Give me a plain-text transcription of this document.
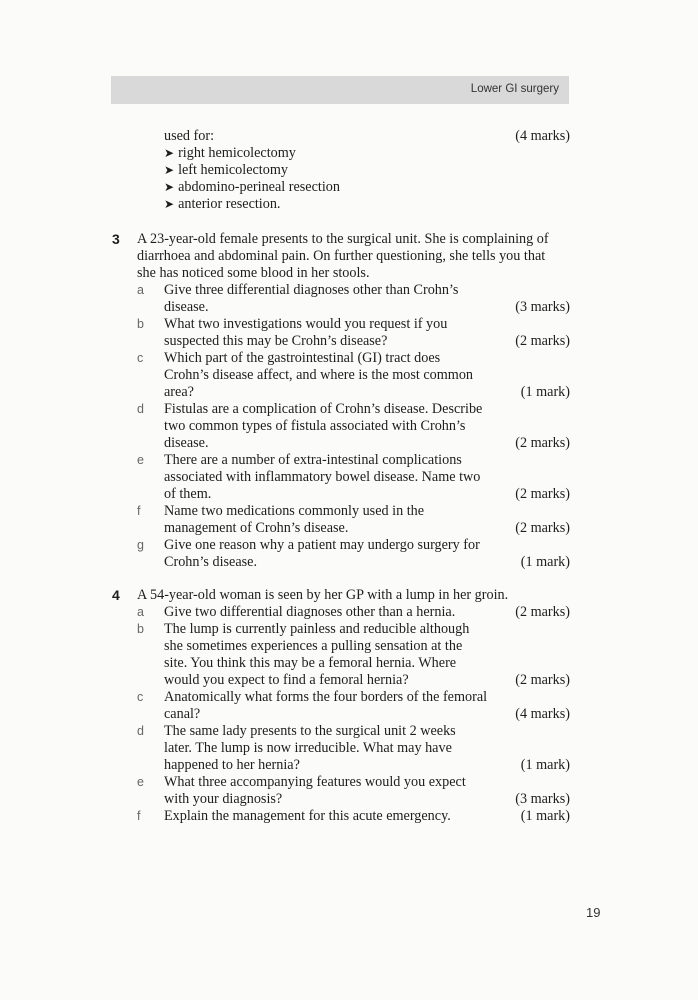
Lower GI surgery
used for:	(4 marks)
➤ right hemicolectomy
➤ left hemicolectomy
➤ abdomino-perineal resection
➤ anterior resection.
3 A 23-year-old female presents to the surgical unit. She is complaining of
diarrhoea and abdominal pain. On further questioning, she tells you that
she has noticed some blood in her stools.
a Give three differential diagnoses other than Crohn’s
disease.	(3 marks)
b What two investigations would you request if you
suspected this may be Crohn’s disease?	(2 marks)
c Which part of the gastrointestinal (GI) tract does
Crohn’s disease affect, and where is the most common
area?	(1 mark)
d Fistulas are a complication of Crohn’s disease. Describe
two common types of fistula associated with Crohn’s
disease.	(2 marks)
e There are a number of extra-intestinal complications
associated with inflammatory bowel disease. Name two
of them.	(2 marks)
f Name two medications commonly used in the
management of Crohn’s disease.	(2 marks)
g Give one reason why a patient may undergo surgery for
Crohn’s disease.	(1 mark)
4 A 54-year-old woman is seen by her GP with a lump in her groin.
a Give two differential diagnoses other than a hernia.	(2 marks)
b The lump is currently painless and reducible although
she sometimes experiences a pulling sensation at the
site. You think this may be a femoral hernia. Where
would you expect to find a femoral hernia?	(2 marks)
c Anatomically what forms the four borders of the femoral
canal?	(4 marks)
d The same lady presents to the surgical unit 2 weeks
later. The lump is now irreducible. What may have
happened to her hernia?	(1 mark)
e What three accompanying features would you expect
with your diagnosis?	(3 marks)
f Explain the management for this acute emergency.	(1 mark)
19
